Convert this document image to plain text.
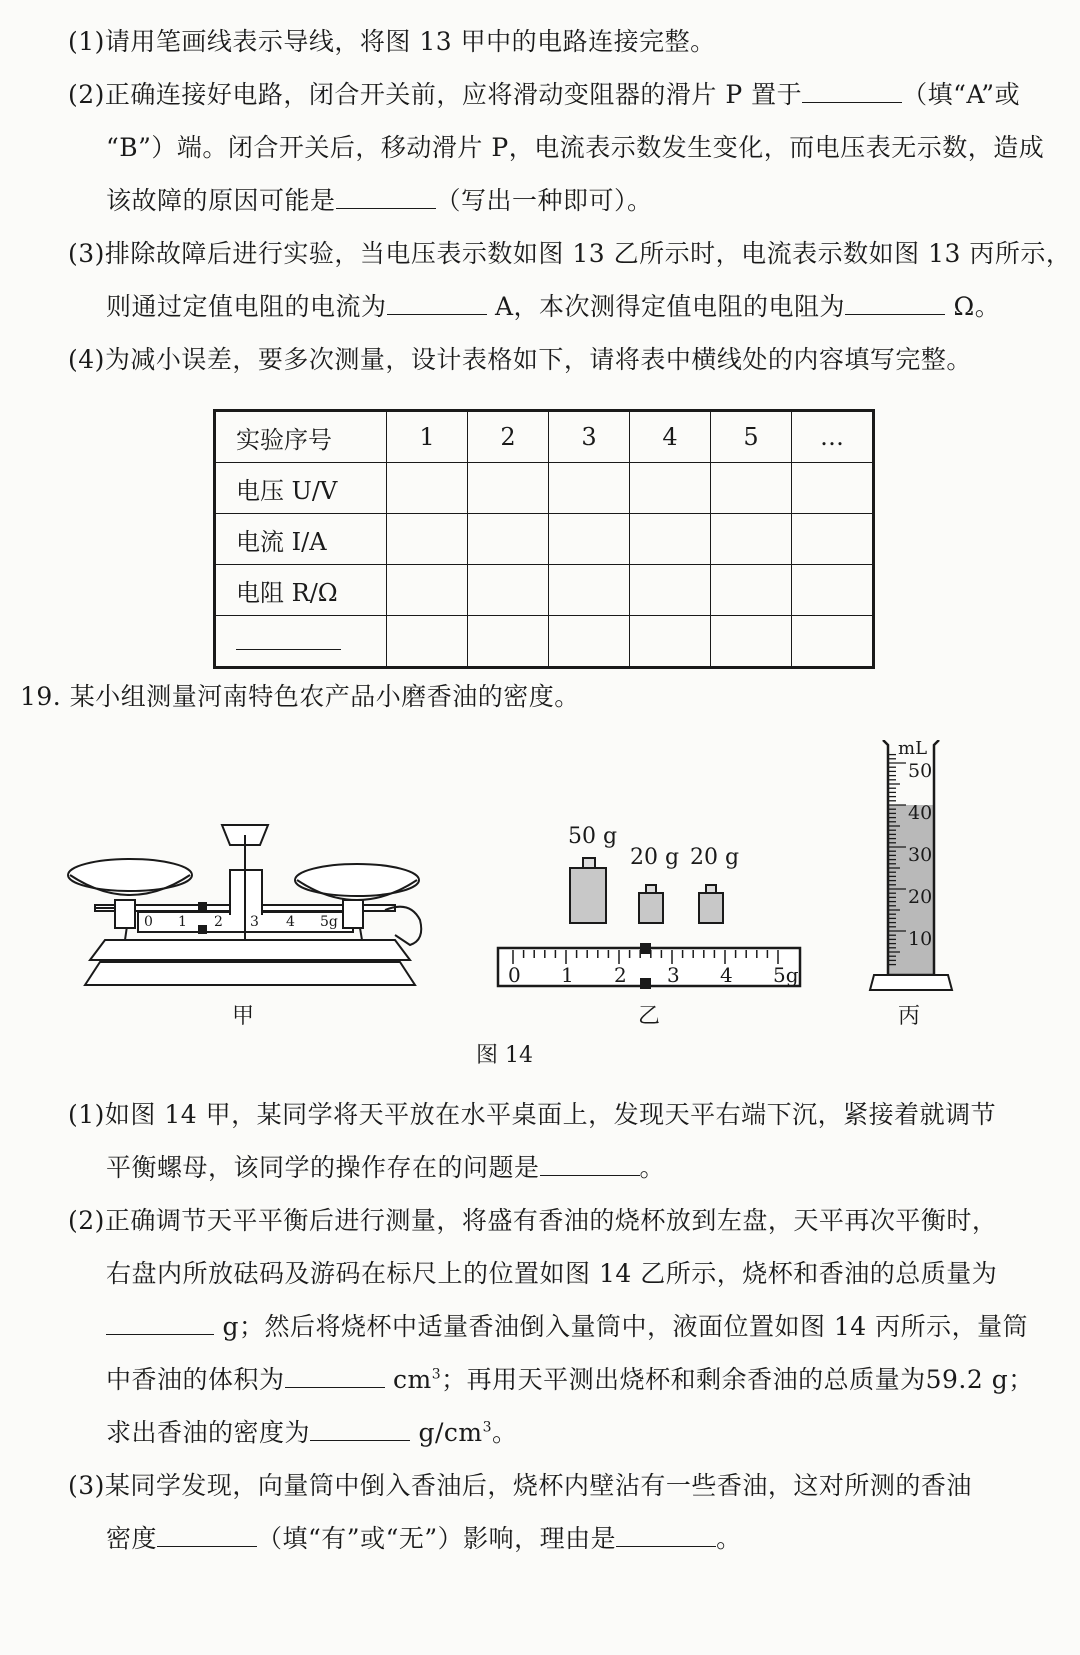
(1)请用笔画线表示导线，将图 13 甲中的电路连接完整。
(2)正确连接好电路，闭合开关前，应将滑动变阻器的滑片 P 置于	（填“A”或
“B”）端。闭合开关后，移动滑片 P，电流表示数发生变化，而电压表无示数，造成
该故障的原因可能是	（写出一种即可）。
(3)排除故障后进行实验，当电压表示数如图 13 乙所示时，电流表示数如图 13 丙所示，
则通过定值电阻的电流为	A，本次测得定值电阻的电阻为	Ω。
(4)为减小误差，要多次测量，设计表格如下，请将表中横线处的内容填写完整。
实验序号	1	2	3	4	5	…
电压 U/V						
电流 I/A						
电阻 R/Ω						

19. 某小组测量河南特色农产品小磨香油的密度。
0 1 2 3 4 5g
50 g
20 g 20 g
0 1 2 3 4 5g
mL
50
40
30
20
10
甲	乙	丙
图 14
(1)如图 14 甲，某同学将天平放在水平桌面上，发现天平右端下沉，紧接着就调节
平衡螺母，该同学的操作存在的问题是	。
(2)正确调节天平平衡后进行测量，将盛有香油的烧杯放到左盘，天平再次平衡时，
右盘内所放砝码及游码在标尺上的位置如图 14 乙所示，烧杯和香油的总质量为
g；然后将烧杯中适量香油倒入量筒中，液面位置如图 14 丙所示，量筒
中香油的体积为	$cm^3$；再用天平测出烧杯和剩余香油的总质量为59.2 g；
求出香油的密度为	$g/cm^3$。
(3)某同学发现，向量筒中倒入香油后，烧杯内壁沾有一些香油，这对所测的香油
密度	（填“有”或“无”）影响，理由是	。
